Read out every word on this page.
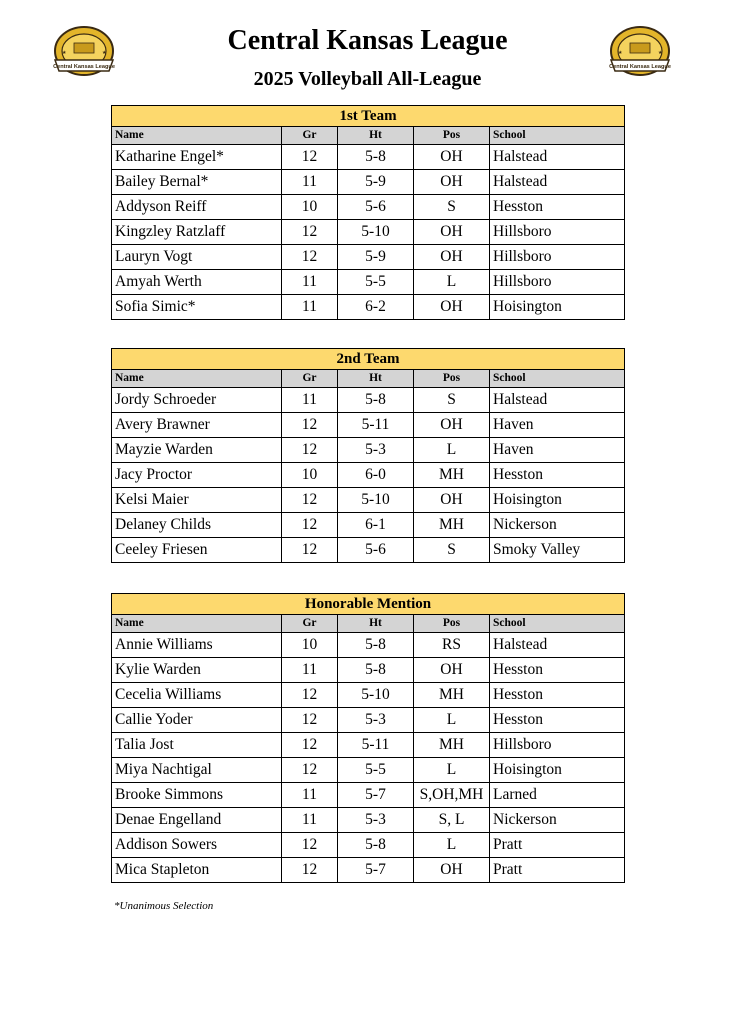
★	★
Central Kansas League
★	★
Central Kansas League
Central Kansas League
2025 Volleyball All-League
1st Team				
Name	Gr	Ht	Pos	School
Katharine Engel*	12	5-8	OH	Halstead
Bailey Bernal*	11	5-9	OH	Halstead
Addyson Reiff	10	5-6	S	Hesston
Kingzley Ratzlaff	12	5-10	OH	Hillsboro
Lauryn Vogt	12	5-9	OH	Hillsboro
Amyah Werth	11	5-5	L	Hillsboro
Sofia Simic*	11	6-2	OH	Hoisington
2nd Team				
Name	Gr	Ht	Pos	School
Jordy Schroeder	11	5-8	S	Halstead
Avery Brawner	12	5-11	OH	Haven
Mayzie Warden	12	5-3	L	Haven
Jacy Proctor	10	6-0	MH	Hesston
Kelsi Maier	12	5-10	OH	Hoisington
Delaney Childs	12	6-1	MH	Nickerson
Ceeley Friesen	12	5-6	S	Smoky Valley
Honorable Mention				
Name	Gr	Ht	Pos	School
Annie Williams	10	5-8	RS	Halstead
Kylie Warden	11	5-8	OH	Hesston
Cecelia Williams	12	5-10	MH	Hesston
Callie Yoder	12	5-3	L	Hesston
Talia Jost	12	5-11	MH	Hillsboro
Miya Nachtigal	12	5-5	L	Hoisington
Brooke Simmons	11	5-7	S,OH,MH	Larned
Denae Engelland	11	5-3	S, L	Nickerson
Addison Sowers	12	5-8	L	Pratt
Mica Stapleton	12	5-7	OH	Pratt
*Unanimous Selection
